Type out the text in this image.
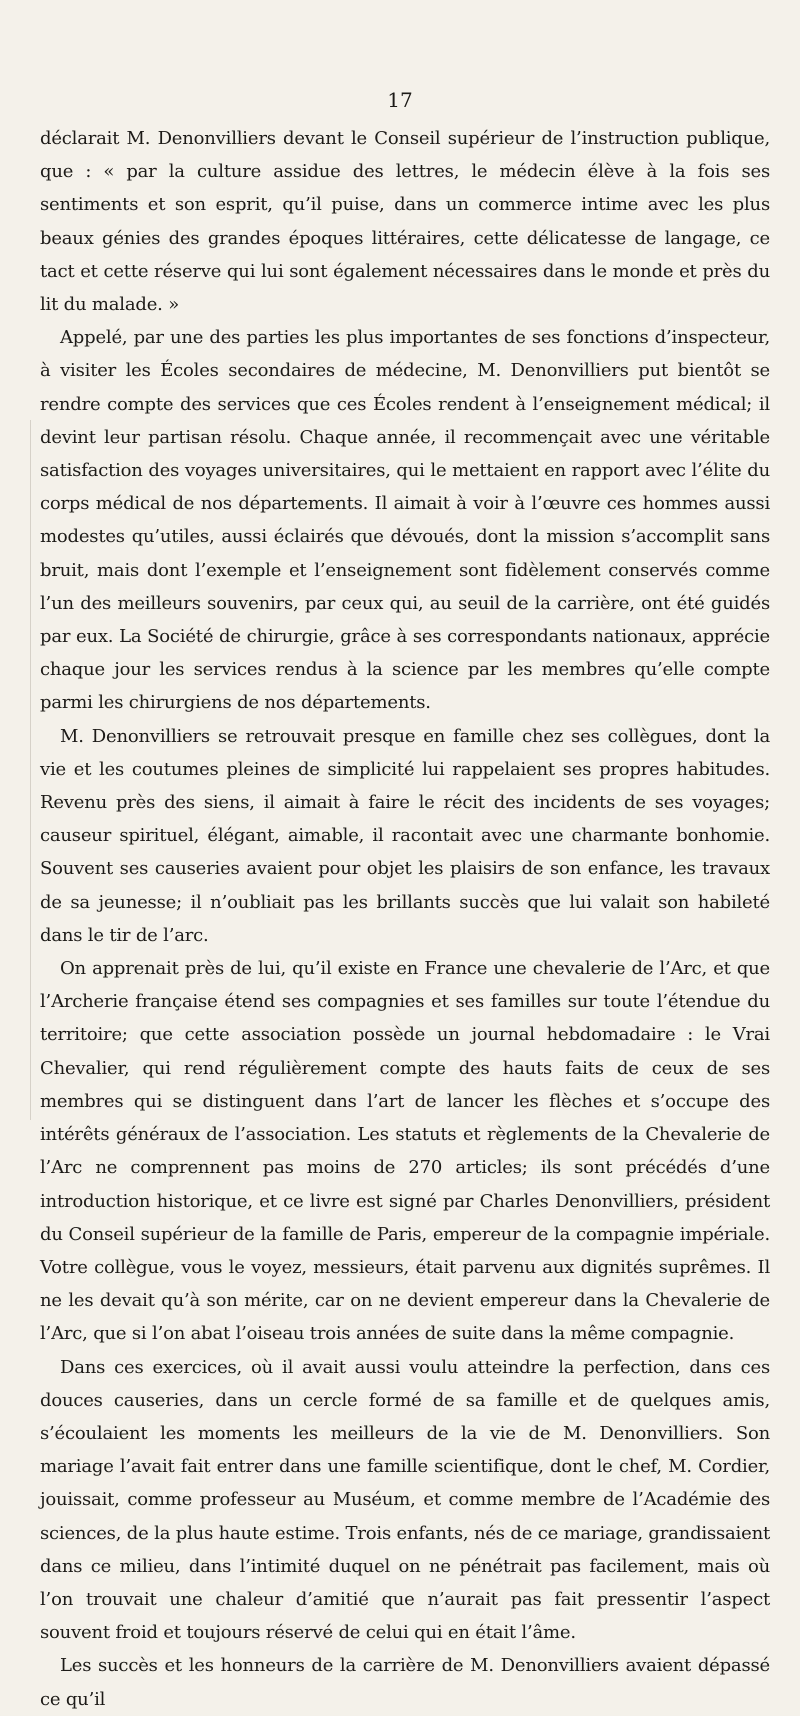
17

déclarait M. Denonvilliers devant le Conseil supérieur de l’instruction publique, que : « par la culture assidue des lettres, le médecin élève à la fois ses sentiments et son esprit, qu’il puise, dans un commerce intime avec les plus beaux génies des grandes époques littéraires, cette délicatesse de langage, ce tact et cette réserve qui lui sont également nécessaires dans le monde et près du lit du malade. »

Appelé, par une des parties les plus importantes de ses fonctions d’inspecteur, à visiter les Écoles secondaires de médecine, M. Denonvilliers put bientôt se rendre compte des services que ces Écoles rendent à l’enseignement médical; il devint leur partisan résolu. Chaque année, il recommençait avec une véritable satisfaction des voyages universitaires, qui le mettaient en rapport avec l’élite du corps médical de nos départements. Il aimait à voir à l’œuvre ces hommes aussi modestes qu’utiles, aussi éclairés que dévoués, dont la mission s’accomplit sans bruit, mais dont l’exemple et l’enseignement sont fidèlement conservés comme l’un des meilleurs souvenirs, par ceux qui, au seuil de la carrière, ont été guidés par eux. La Société de chirurgie, grâce à ses correspondants nationaux, apprécie chaque jour les services rendus à la science par les membres qu’elle compte parmi les chirurgiens de nos départements.

M. Denonvilliers se retrouvait presque en famille chez ses collègues, dont la vie et les coutumes pleines de simplicité lui rappelaient ses propres habitudes. Revenu près des siens, il aimait à faire le récit des incidents de ses voyages; causeur spirituel, élégant, aimable, il racontait avec une charmante bonhomie. Souvent ses causeries avaient pour objet les plaisirs de son enfance, les travaux de sa jeunesse; il n’oubliait pas les brillants succès que lui valait son habileté dans le tir de l’arc.

On apprenait près de lui, qu’il existe en France une chevalerie de l’Arc, et que l’Archerie française étend ses compagnies et ses familles sur toute l’étendue du territoire; que cette association possède un journal hebdomadaire : le Vrai Chevalier, qui rend régulièrement compte des hauts faits de ceux de ses membres qui se distinguent dans l’art de lancer les flèches et s’occupe des intérêts généraux de l’association. Les statuts et règlements de la Chevalerie de l’Arc ne comprennent pas moins de 270 articles; ils sont précédés d’une introduction historique, et ce livre est signé par Charles Denonvilliers, président du Conseil supérieur de la famille de Paris, empereur de la compagnie impériale. Votre collègue, vous le voyez, messieurs, était parvenu aux dignités suprêmes. Il ne les devait qu’à son mérite, car on ne devient empereur dans la Chevalerie de l’Arc, que si l’on abat l’oiseau trois années de suite dans la même compagnie.

Dans ces exercices, où il avait aussi voulu atteindre la perfection, dans ces douces causeries, dans un cercle formé de sa famille et de quelques amis, s’écoulaient les moments les meilleurs de la vie de M. Denonvilliers. Son mariage l’avait fait entrer dans une famille scientifique, dont le chef, M. Cordier, jouissait, comme professeur au Muséum, et comme membre de l’Académie des sciences, de la plus haute estime. Trois enfants, nés de ce mariage, grandissaient dans ce milieu, dans l’intimité duquel on ne pénétrait pas facilement, mais où l’on trouvait une chaleur d’amitié que n’aurait pas fait pressentir l’aspect souvent froid et toujours réservé de celui qui en était l’âme.

Les succès et les honneurs de la carrière de M. Denonvilliers avaient dépassé ce qu’il
